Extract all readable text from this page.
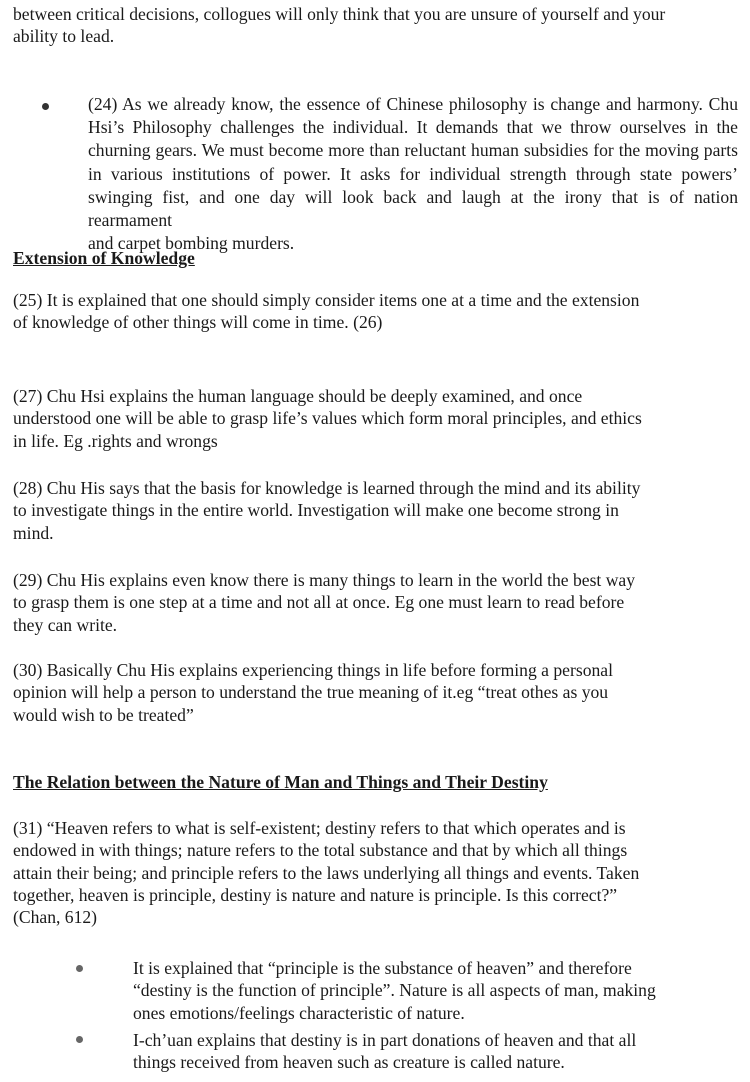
between critical decisions, collogues will only think that you are unsure of yourself and your
ability to lead.
(24) As we already know, the essence of Chinese philosophy is change and harmony. Chu
Hsi’s Philosophy challenges the individual. It demands that we throw ourselves in the
churning gears. We must become more than reluctant human subsidies for the moving parts
in various institutions of power. It asks for individual strength through state powers’
swinging fist, and one day will look back and laugh at the irony that is of nation rearmament
and carpet bombing murders.
Extension of Knowledge
(25) It is explained that one should simply consider items one at a time and the extension
of knowledge of other things will come in time. (26)
(27) Chu Hsi explains the human language should be deeply examined, and once
understood one will be able to grasp life’s values which form moral principles, and ethics
in life. Eg .rights and wrongs
(28) Chu His says that the basis for knowledge is learned through the mind and its ability
to investigate things in the entire world. Investigation will make one become strong in
mind.
(29) Chu His explains even know there is many things to learn in the world the best way
to grasp them is one step at a time and not all at once. Eg one must learn to read before
they can write.
(30) Basically Chu His explains experiencing things in life before forming a personal
opinion will help a person to understand the true meaning of it.eg “treat othes as you
would wish to be treated”
The Relation between the Nature of Man and Things and Their Destiny
(31) “Heaven refers to what is self-existent; destiny refers to that which operates and is
endowed in with things; nature refers to the total substance and that by which all things
attain their being; and principle refers to the laws underlying all things and events. Taken
together, heaven is principle, destiny is nature and nature is principle. Is this correct?”
(Chan, 612)
It is explained that “principle is the substance of heaven” and therefore
“destiny is the function of principle”. Nature is all aspects of man, making
ones emotions/feelings characteristic of nature.
I-ch’uan explains that destiny is in part donations of heaven and that all
things received from heaven such as creature is called nature.
